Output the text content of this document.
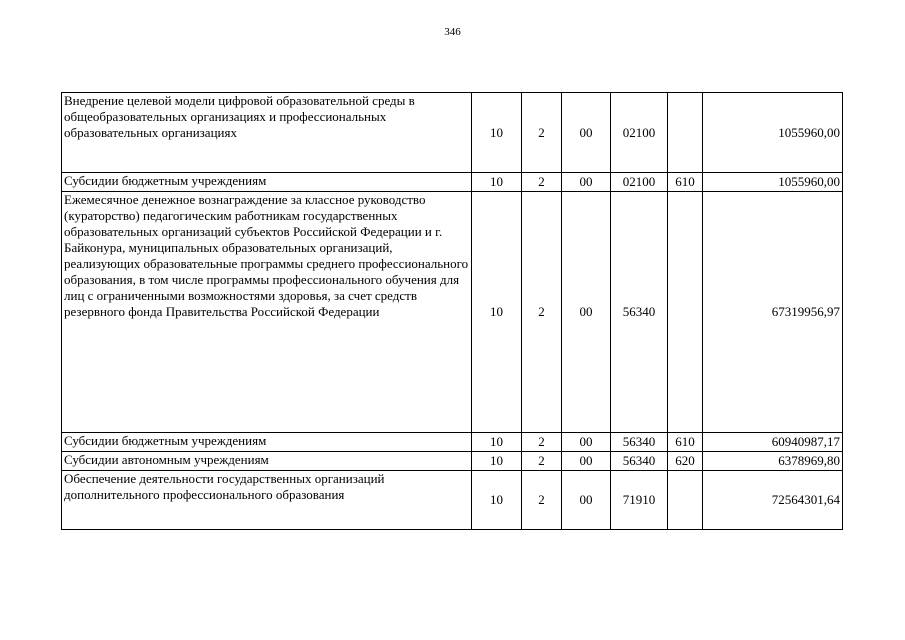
346
Внедрение целевой модели цифровой образовательной среды в общеобразовательных организациях и профессиональных образовательных организациях	10	2	00	02100		1055960,00
Субсидии бюджетным учреждениям	10	2	00	02100	610	1055960,00
Ежемесячное денежное вознаграждение за классное руководство (кураторство) педагогическим работникам государственных образовательных организаций субъектов Российской Федерации и г. Байконура, муниципальных образовательных организаций, реализующих образовательные программы среднего профессионального образования, в том числе программы профессионального обучения для лиц с ограниченными возможностями здоровья, за счет средств резервного фонда Правительства Российской Федерации	10	2	00	56340		67319956,97
Субсидии бюджетным учреждениям	10	2	00	56340	610	60940987,17
Субсидии автономным учреждениям	10	2	00	56340	620	6378969,80
Обеспечение деятельности государственных организаций дополнительного профессионального образования	10	2	00	71910		72564301,64
